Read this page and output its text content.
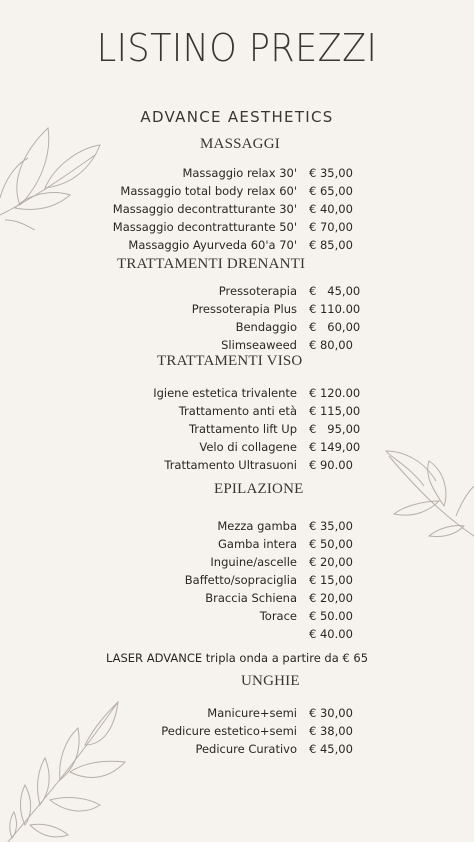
LISTINO PREZZI
ADVANCE AESTHETICS
MASSAGGI
Massaggio relax 30' € 35,00
Massaggio total body relax 60' € 65,00
Massaggio decontratturante 30' € 40,00
Massaggio decontratturante 50' € 70,00
Massaggio Ayurveda 60'a 70' € 85,00
TRATTAMENTI DRENANTI
Pressoterapia €   45,00
Pressoterapia Plus € 110.00
Bendaggio €   60,00
Slimseaweed € 80,00
TRATTAMENTI VISO
Igiene estetica trivalente € 120.00
Trattamento anti età € 115,00
Trattamento lift Up €   95,00
Velo di collagene € 149,00
Trattamento Ultrasuoni € 90.00
EPILAZIONE
Mezza gamba € 35,00
Gamba intera € 50,00
Inguine/ascelle € 20,00
Baffetto/sopraciglia € 15,00
Braccia Schiena € 20,00
Torace € 50.00
€ 40.00
LASER ADVANCE tripla onda a partire da € 65
UNGHIE
Manicure+semi € 30,00
Pedicure estetico+semi € 38,00
Pedicure Curativo € 45,00
